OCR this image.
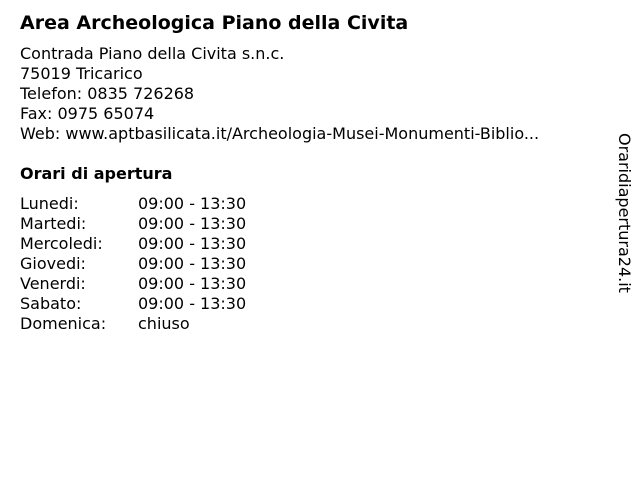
Area Archeologica Piano della Civita
Contrada Piano della Civita s.n.c.
75019 Tricarico
Telefon: 0835 726268
Fax: 0975 65074
Web: www.aptbasilicata.it/Archeologia-Musei-Monumenti-Biblio...
Orari di apertura
Lunedi:	09:00 - 13:30
Martedi:	09:00 - 13:30
Mercoledi:	09:00 - 13:30
Giovedi:	09:00 - 13:30
Venerdi:	09:00 - 13:30
Sabato:	09:00 - 13:30
Domenica:	chiuso
Oraridiapertura24.it
